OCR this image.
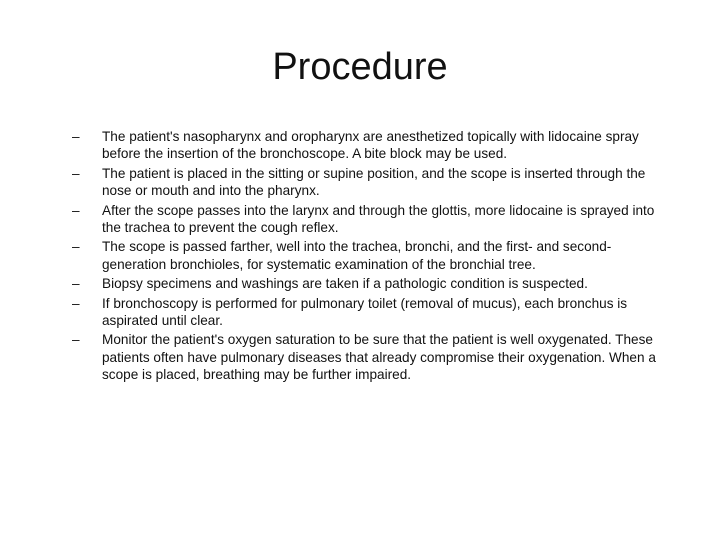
Procedure
–	The patient's nasopharynx and oropharynx are anesthetized topically with lidocaine spray before the insertion of the bronchoscope. A bite block may be used.
–	The patient is placed in the sitting or supine position, and the scope is inserted through the nose or mouth and into the pharynx.
–	After the scope passes into the larynx and through the glottis, more lidocaine is sprayed into the trachea to prevent the cough reflex.
–	The scope is passed farther, well into the trachea, bronchi, and the first- and second-generation bronchioles, for systematic examination of the bronchial tree.
–	Biopsy specimens and washings are taken if a pathologic condition is suspected.
–	If bronchoscopy is performed for pulmonary toilet (removal of mucus), each bronchus is aspirated until clear.
–	Monitor the patient's oxygen saturation to be sure that the patient is well oxygenated. These patients often have pulmonary diseases that already compromise their oxygenation. When a scope is placed, breathing may be further impaired.
